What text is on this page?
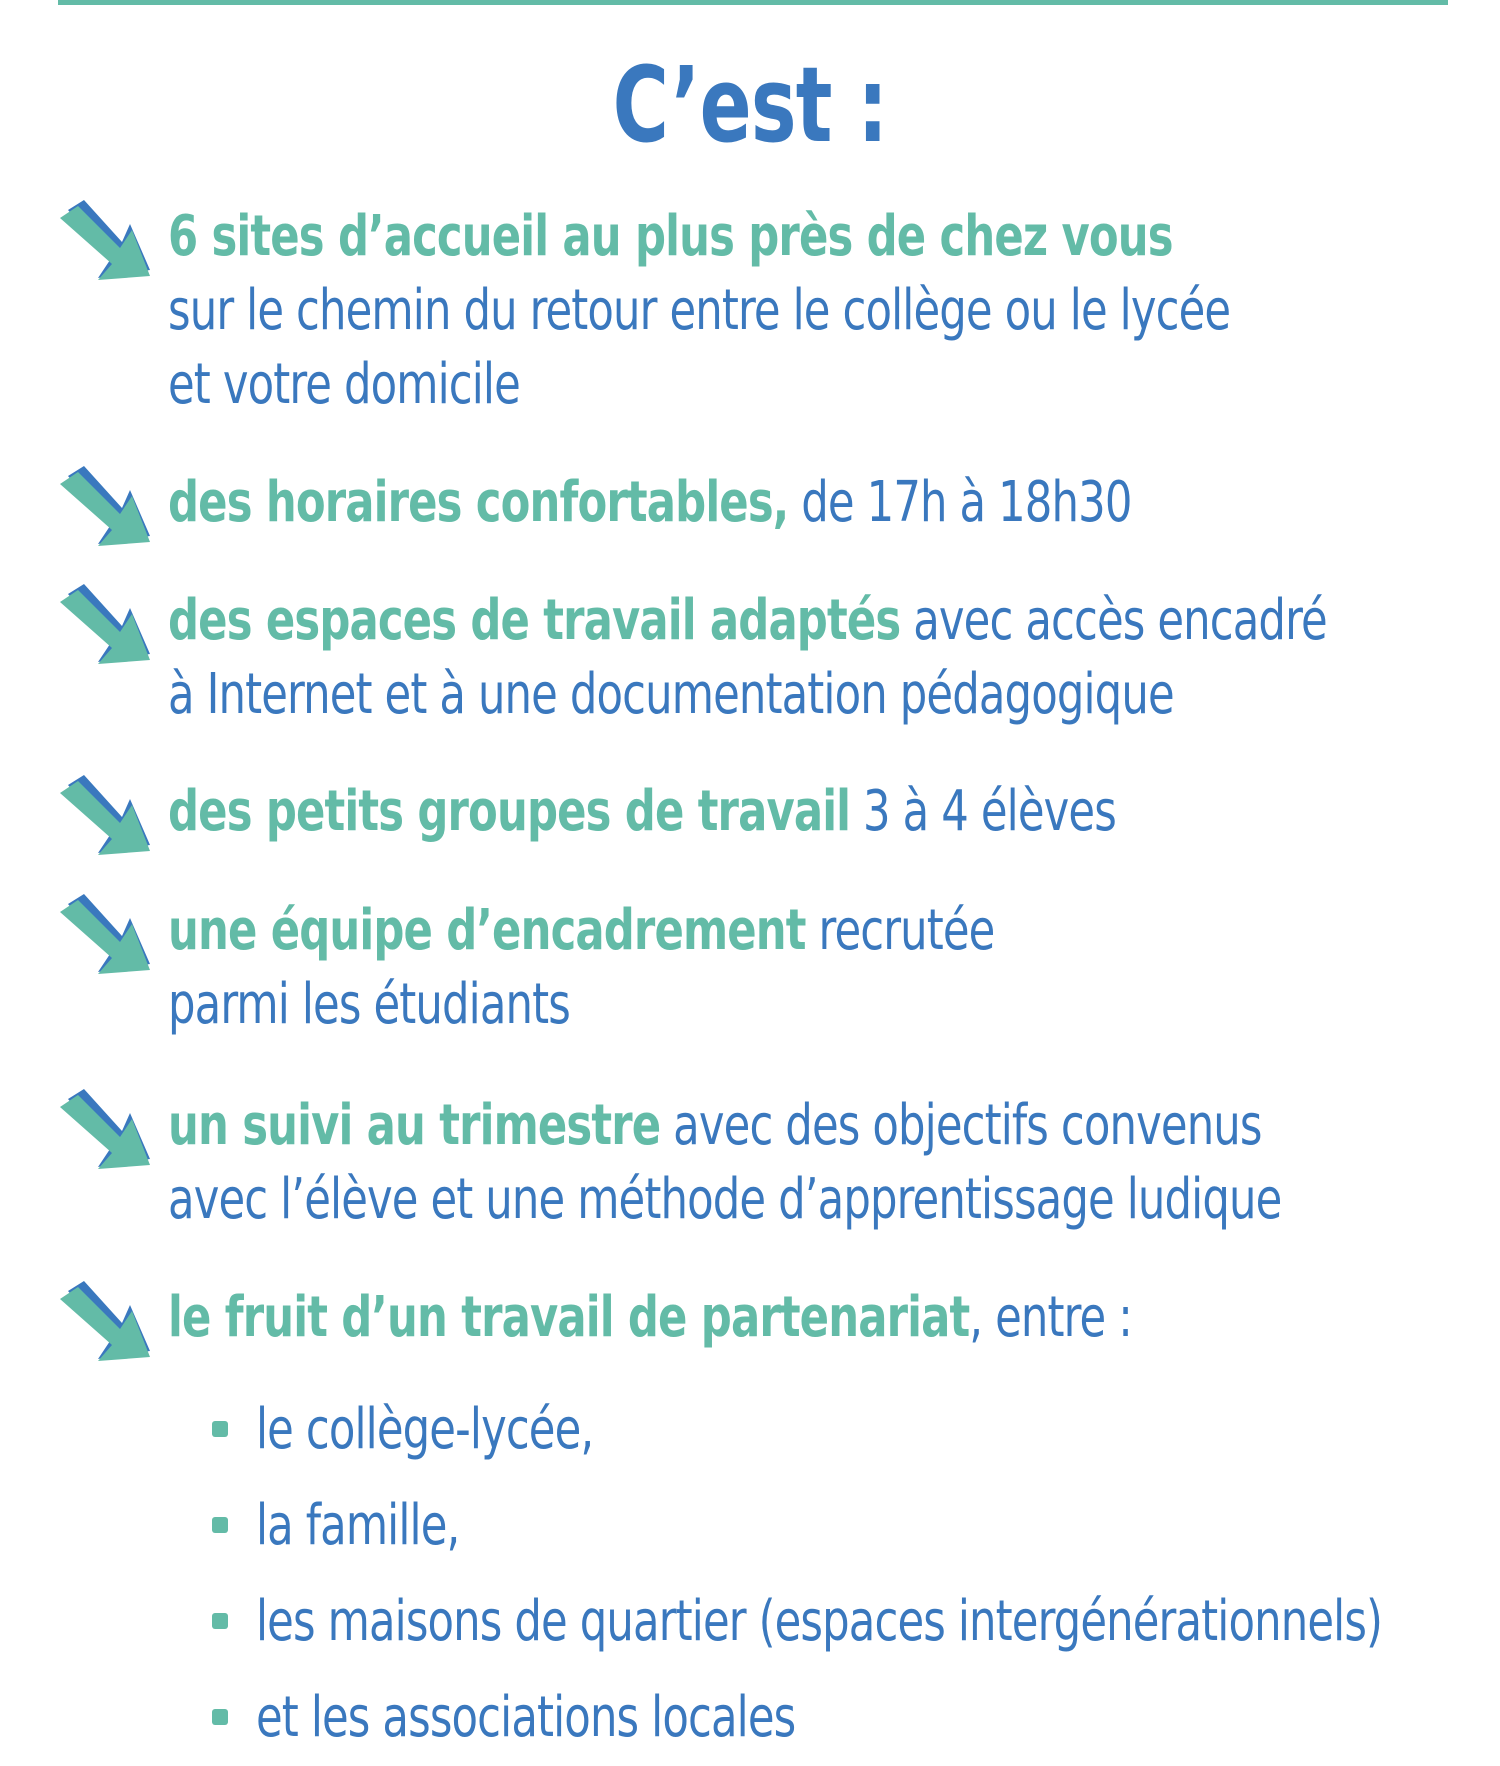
C’est :
6 sites d’accueil au plus près de chez vous
sur le chemin du retour entre le collège ou le lycée
et votre domicile
des horaires confortables, de 17h à 18h30
des espaces de travail adaptés avec accès encadré
à Internet et à une documentation pédagogique
des petits groupes de travail 3 à 4 élèves
une équipe d’encadrement recrutée
parmi les étudiants
un suivi au trimestre avec des objectifs convenus
avec l’élève et une méthode d’apprentissage ludique
le fruit d’un travail de partenariat, entre :
le collège-lycée,
la famille,
les maisons de quartier (espaces intergénérationnels)
et les associations locales
